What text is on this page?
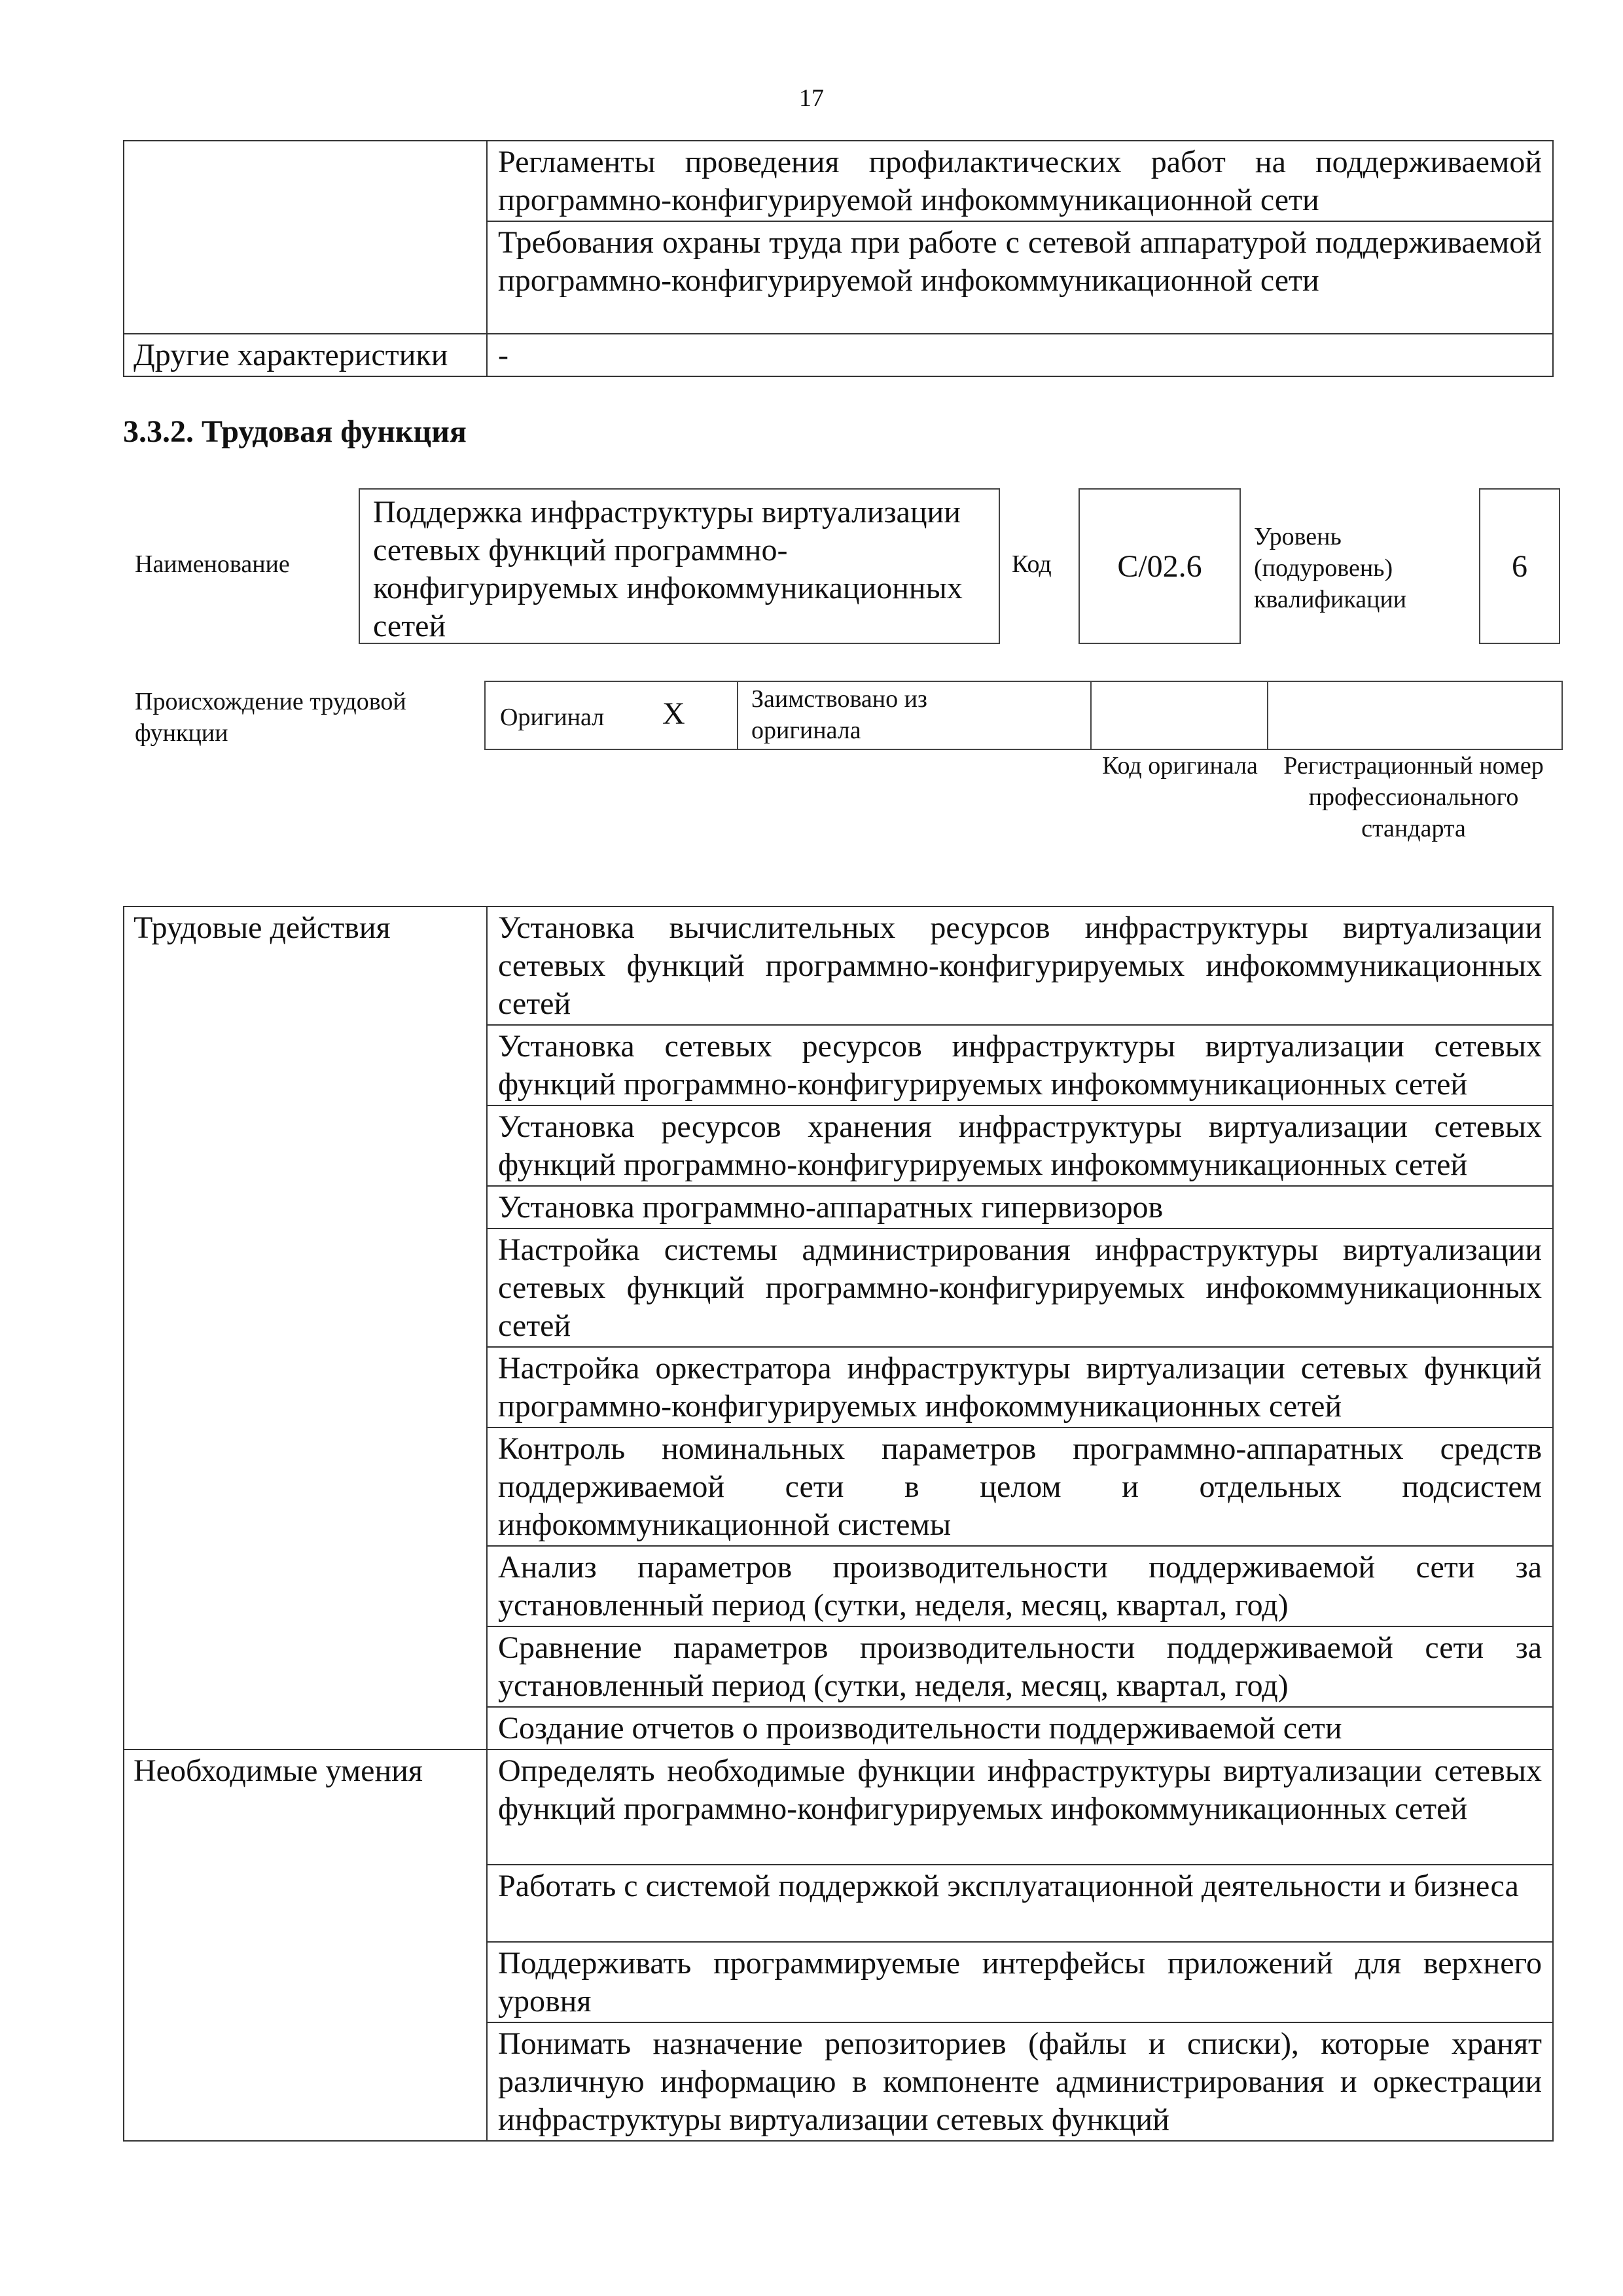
17
	Регламенты проведения профилактических работ на поддерживаемой программно-конфигурируемой инфокоммуникационной сети
	Требования охраны труда при работе с сетевой аппаратурой поддерживаемой программно-конфигурируемой инфокоммуникационной сети
Другие характеристики	-
3.3.2. Трудовая функция
Наименование
Поддержка инфраструктуры виртуализации сетевых функций программно-конфигурируемых инфокоммуникационных сетей
Код	C/02.6
Уровень (подуровень) квалификации
6
Происхождение трудовой функции
Оригинал X	Заимствовано из оригинала
Код оригинала	Регистрационный номер профессионального стандарта
Трудовые действия	Установка вычислительных ресурсов инфраструктуры виртуализации сетевых функций программно-конфигурируемых инфокоммуникационных сетей
	Установка сетевых ресурсов инфраструктуры виртуализации сетевых функций программно-конфигурируемых инфокоммуникационных сетей
	Установка ресурсов хранения инфраструктуры виртуализации сетевых функций программно-конфигурируемых инфокоммуникационных сетей
	Установка программно-аппаратных гипервизоров
	Настройка системы администрирования инфраструктуры виртуализации сетевых функций программно-конфигурируемых инфокоммуникационных сетей
	Настройка оркестратора инфраструктуры виртуализации сетевых функций программно-конфигурируемых инфокоммуникационных сетей
	Контроль номинальных параметров программно-аппаратных средств поддерживаемой сети в целом и отдельных подсистем инфокоммуникационной системы
	Анализ параметров производительности поддерживаемой сети за установленный период (сутки, неделя, месяц, квартал, год)
	Сравнение параметров производительности поддерживаемой сети за установленный период (сутки, неделя, месяц, квартал, год)
	Создание отчетов о производительности поддерживаемой сети
Необходимые умения	Определять необходимые функции инфраструктуры виртуализации сетевых функций программно-конфигурируемых инфокоммуникационных сетей
	Работать с системой поддержкой эксплуатационной деятельности и бизнеса
	Поддерживать программируемые интерфейсы приложений для верхнего уровня
	Понимать назначение репозиториев (файлы и списки), которые хранят различную информацию в компоненте администрирования и оркестрации инфраструктуры виртуализации сетевых функций
